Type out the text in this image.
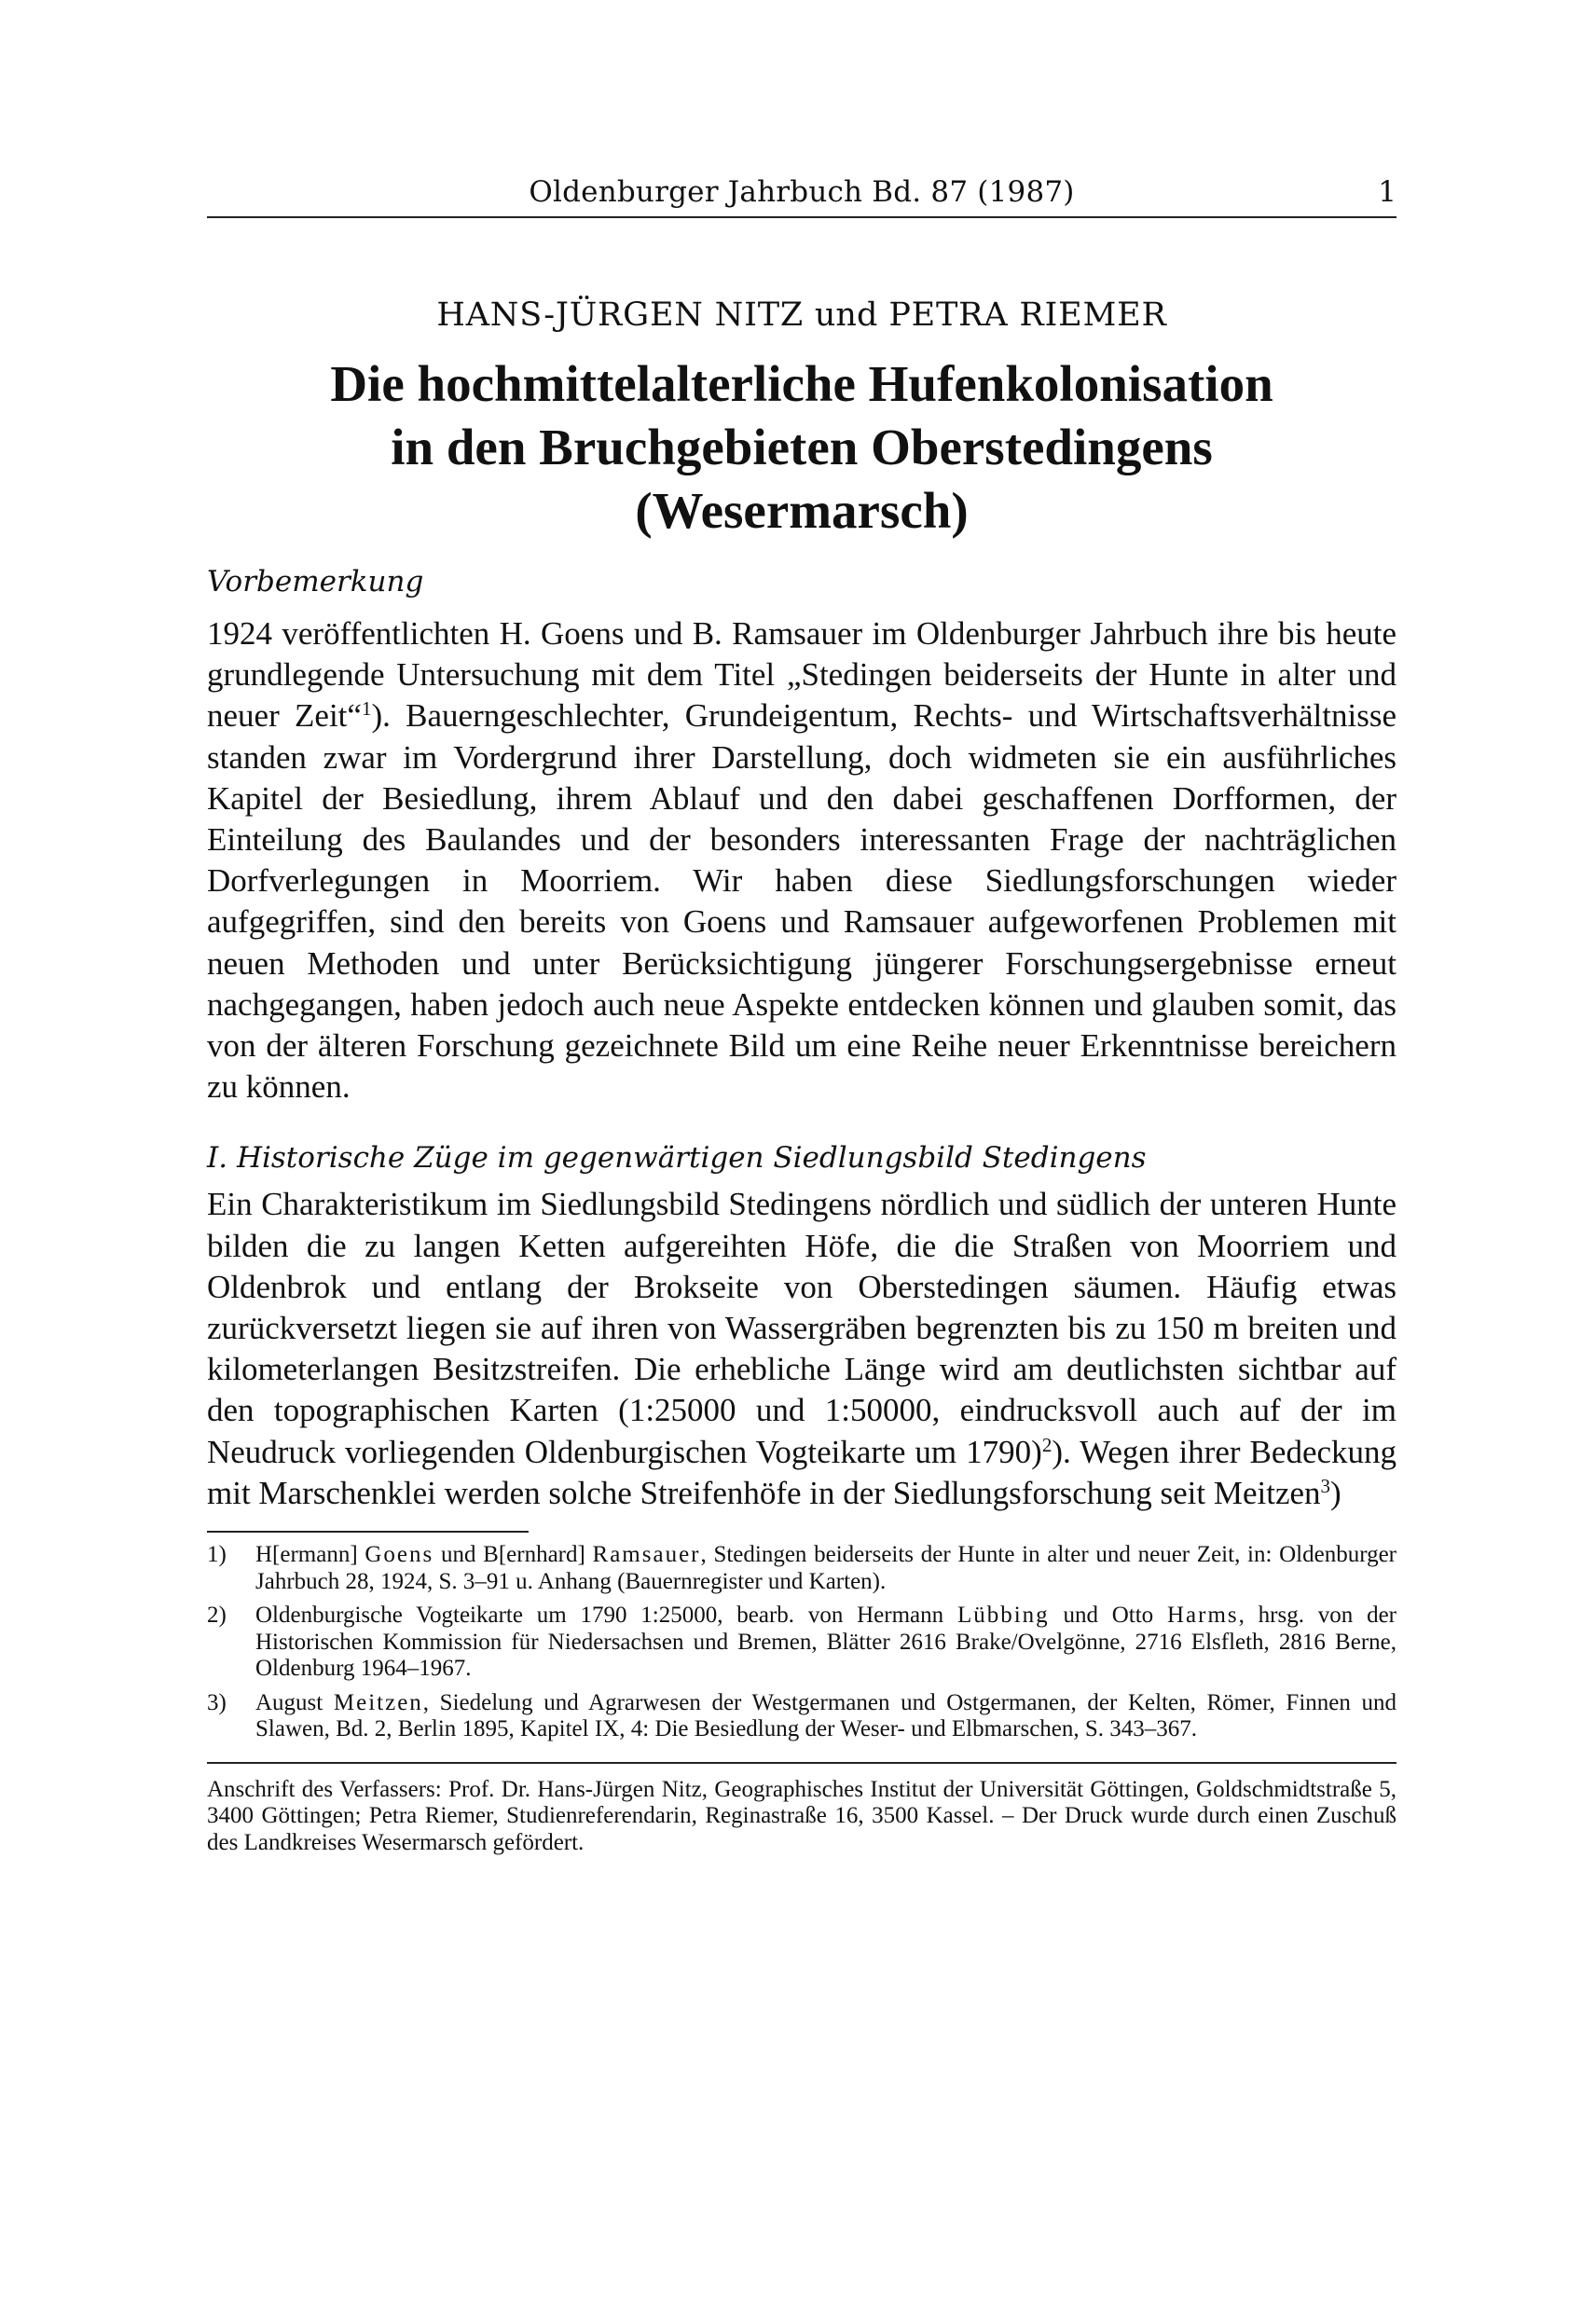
Oldenburger Jahrbuch Bd. 87 (1987)	1
HANS-JÜRGEN NITZ und PETRA RIEMER
Die hochmittelalterliche Hufenkolonisation
in den Bruchgebieten Oberstedingens
(Wesermarsch)
Vorbemerkung

1924 veröffentlichten H. Goens und B. Ramsauer im Oldenburger Jahrbuch ihre bis heute grundlegende Untersuchung mit dem Titel „Stedingen beiderseits der Hunte in alter und neuer Zeit“$^1$). Bauerngeschlechter, Grundeigentum, Rechts- und Wirtschaftsverhältnisse standen zwar im Vordergrund ihrer Darstellung, doch widmeten sie ein ausführliches Kapitel der Besiedlung, ihrem Ablauf und den dabei geschaffenen Dorfformen, der Einteilung des Baulandes und der besonders interessanten Frage der nachträglichen Dorfverlegungen in Moorriem. Wir haben diese Siedlungsforschungen wieder aufgegriffen, sind den bereits von Goens und Ramsauer aufgeworfenen Problemen mit neuen Methoden und unter Berücksichtigung jüngerer Forschungsergebnisse erneut nachgegangen, haben jedoch auch neue Aspekte entdecken können und glauben somit, das von der älteren Forschung gezeichnete Bild um eine Reihe neuer Erkenntnisse bereichern zu können.

I. Historische Züge im gegenwärtigen Siedlungsbild Stedingens

Ein Charakteristikum im Siedlungsbild Stedingens nördlich und südlich der unteren Hunte bilden die zu langen Ketten aufgereihten Höfe, die die Straßen von Moorriem und Oldenbrok und entlang der Brokseite von Oberstedingen säumen. Häufig etwas zurückversetzt liegen sie auf ihren von Wassergräben begrenzten bis zu 150 m breiten und kilometerlangen Besitzstreifen. Die erhebliche Länge wird am deutlichsten sichtbar auf den topographischen Karten (1:25000 und 1:50000, eindrucksvoll auch auf der im Neudruck vorliegenden Oldenburgischen Vogteikarte um 1790)$^2$). Wegen ihrer Bedeckung mit Marschenklei werden solche Streifenhöfe in der Siedlungsforschung seit Meitzen$^3$)

1) H[ermann] Goens und B[ernhard] Ramsauer, Stedingen beiderseits der Hunte in alter und neuer Zeit, in: Oldenburger Jahrbuch 28, 1924, S. 3–91 u. Anhang (Bauernregister und Karten).
2) Oldenburgische Vogteikarte um 1790 1:25000, bearb. von Hermann Lübbing und Otto Harms, hrsg. von der Historischen Kommission für Niedersachsen und Bremen, Blätter 2616 Brake/Ovelgönne, 2716 Elsfleth, 2816 Berne, Oldenburg 1964–1967.
3) August Meitzen, Siedelung und Agrarwesen der Westgermanen und Ostgermanen, der Kelten, Römer, Finnen und Slawen, Bd. 2, Berlin 1895, Kapitel IX, 4: Die Besiedlung der Weser- und Elbmarschen, S. 343–367.
Anschrift des Verfassers: Prof. Dr. Hans-Jürgen Nitz, Geographisches Institut der Universität Göttingen, Goldschmidtstraße 5, 3400 Göttingen; Petra Riemer, Studienreferendarin, Reginastraße 16, 3500 Kassel. – Der Druck wurde durch einen Zuschuß des Landkreises Wesermarsch gefördert.
